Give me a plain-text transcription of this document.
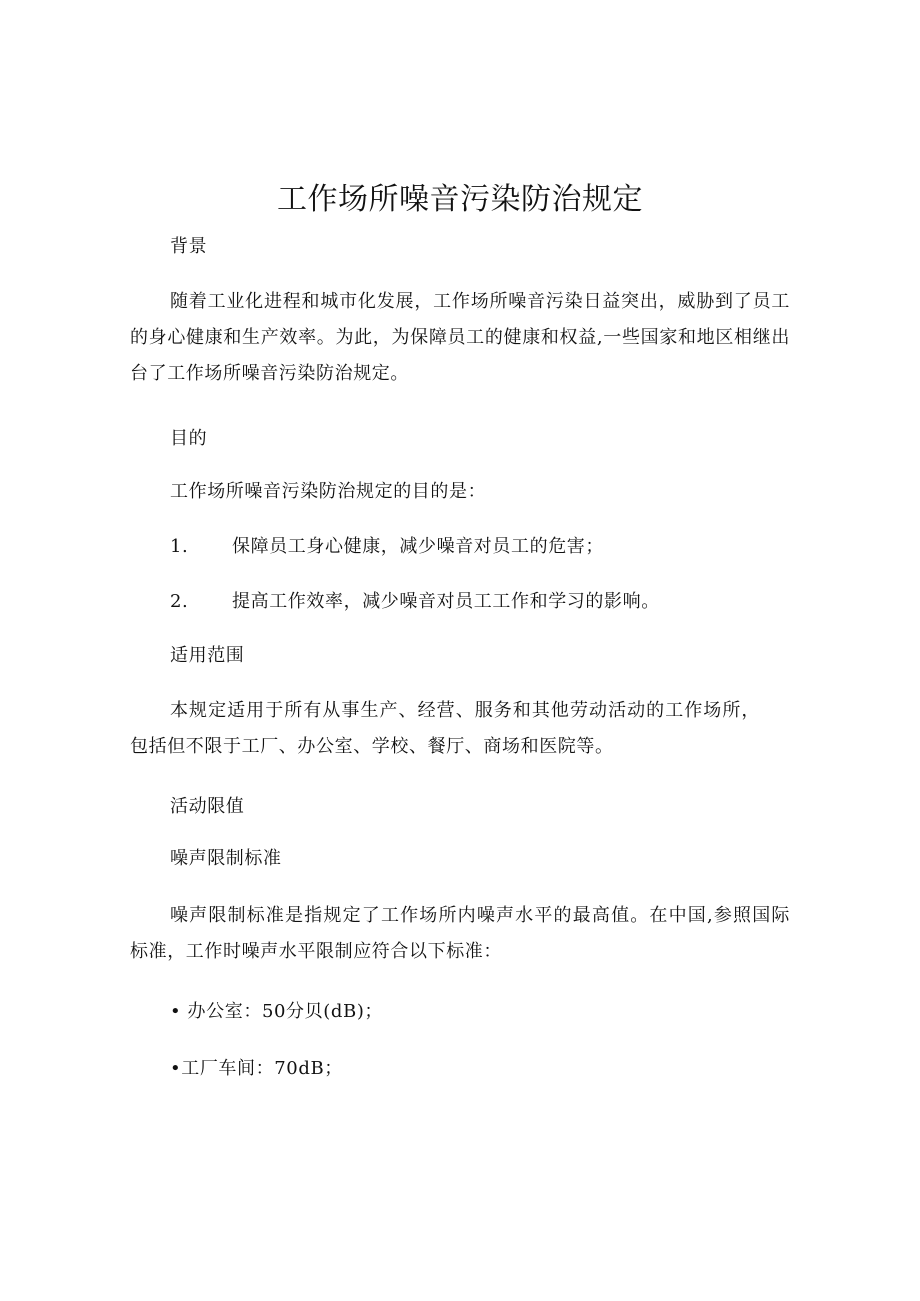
工作场所噪音污染防治规定

背景

随着工业化进程和城市化发展，工作场所噪音污染日益突出，威胁到了员工的身心健康和生产效率。为此，为保障员工的健康和权益,一些国家和地区相继出台了工作场所噪音污染防治规定。

目的

工作场所噪音污染防治规定的目的是：

1. 保障员工身心健康，减少噪音对员工的危害；

2. 提高工作效率，减少噪音对员工工作和学习的影响。

适用范围

本规定适用于所有从事生产、经营、服务和其他劳动活动的工作场所，包括但不限于工厂、办公室、学校、餐厅、商场和医院等。

活动限值

噪声限制标准

噪声限制标准是指规定了工作场所内噪声水平的最高值。在中国,参照国际标准，工作时噪声水平限制应符合以下标准：

• 办公室：50分贝(dB)；

•工厂车间：70dB；
